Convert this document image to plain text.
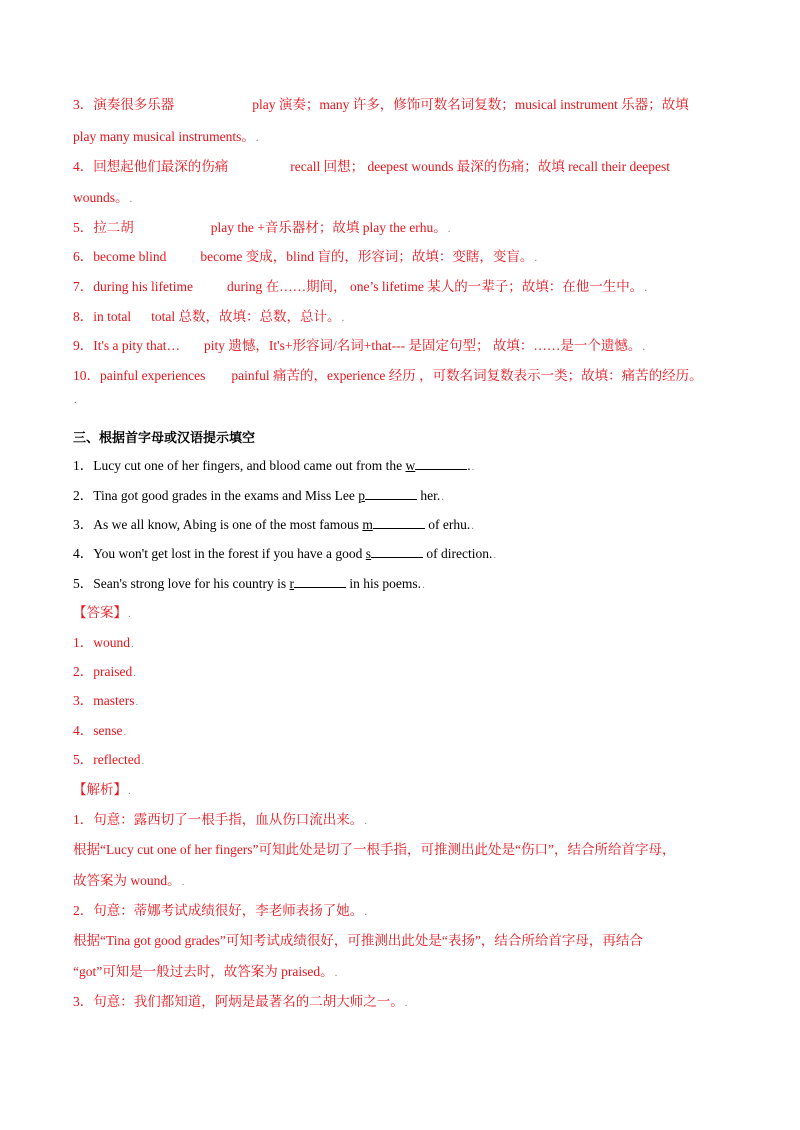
3．演奏很多乐器	play 演奏；many 许多，修饰可数名词复数；musical instrument 乐器；故填
play many musical instruments。.
4．回想起他们最深的伤痛	recall 回想； deepest wounds 最深的伤痛；故填 recall their deepest
wounds。.
5．拉二胡	play the +音乐器材；故填 play the erhu。.
6．become blind	become 变成，blind 盲的，形容词；故填：变瞎，变盲。.
7．during his lifetime	during 在……期间， one’s lifetime 某人的一辈子；故填：在他一生中。.
8．in total total 总数，故填：总数，总计。.
9．It's a pity that… pity 遗憾，It's+形容词/名词+that--- 是固定句型； 故填：……是一个遗憾。.
10．painful experiences painful 痛苦的，experience 经历 ，可数名词复数表示一类；故填：痛苦的经历。
.
三、根据首字母或汉语提示填空
1．Lucy cut one of her fingers, and blood came out from the w	..
2．Tina got good grades in the exams and Miss Lee p	her..
3．As we all know, Abing is one of the most famous m	of erhu..
4．You won't get lost in the forest if you have a good s	of direction..
5．Sean's strong love for his country is r	in his poems..
【答案】.
1．wound.
2．praised.
3．masters.
4．sense.
5．reflected.
【解析】.
1．句意：露西切了一根手指，血从伤口流出来。.
根据“Lucy cut one of her fingers”可知此处是切了一根手指，可推测出此处是“伤口”，结合所给首字母，
故答案为 wound。.
2．句意：蒂娜考试成绩很好，李老师表扬了她。.
根据“Tina got good grades”可知考试成绩很好，可推测出此处是“表扬”，结合所给首字母，再结合
“got”可知是一般过去时，故答案为 praised。.
3．句意：我们都知道，阿炳是最著名的二胡大师之一。.
